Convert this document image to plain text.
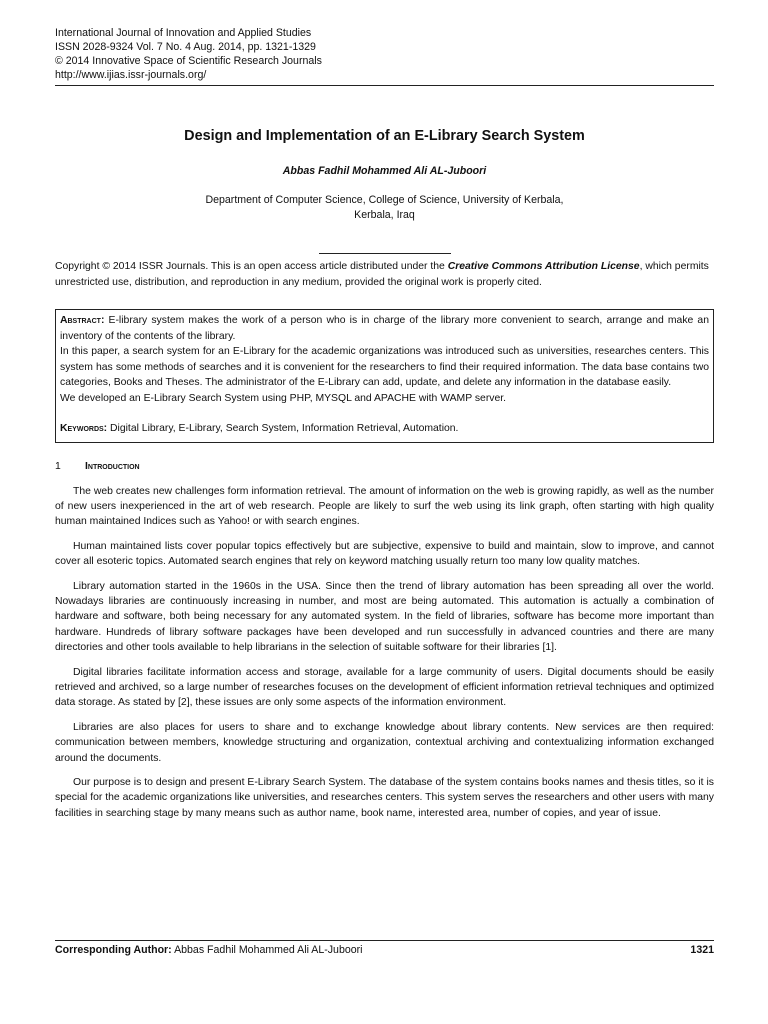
International Journal of Innovation and Applied Studies
ISSN 2028-9324 Vol. 7 No. 4 Aug. 2014, pp. 1321-1329
© 2014 Innovative Space of Scientific Research Journals
http://www.ijias.issr-journals.org/
Design and Implementation of an E-Library Search System
Abbas Fadhil Mohammed Ali AL-Juboori
Department of Computer Science, College of Science, University of Kerbala,
Kerbala, Iraq
Copyright © 2014 ISSR Journals. This is an open access article distributed under the Creative Commons Attribution License, which permits unrestricted use, distribution, and reproduction in any medium, provided the original work is properly cited.

Abstract: E-library system makes the work of a person who is in charge of the library more convenient to search, arrange and make an inventory of the contents of the library.

In this paper, a search system for an E-Library for the academic organizations was introduced such as universities, researches centers. This system has some methods of searches and it is convenient for the researchers to find their required information. The data base contains two categories, Books and Theses. The administrator of the E-Library can add, update, and delete any information in the database easily.

We developed an E-Library Search System using PHP, MYSQL and APACHE with WAMP server.

Keywords: Digital Library, E-Library, Search System, Information Retrieval, Automation.

1	Introduction

The web creates new challenges form information retrieval. The amount of information on the web is growing rapidly, as well as the number of new users inexperienced in the art of web research. People are likely to surf the web using its link graph, often starting with high quality human maintained Indices such as Yahoo! or with search engines.

Human maintained lists cover popular topics effectively but are subjective, expensive to build and maintain, slow to improve, and cannot cover all esoteric topics. Automated search engines that rely on keyword matching usually return too many low quality matches.

Library automation started in the 1960s in the USA. Since then the trend of library automation has been spreading all over the world. Nowadays libraries are continuously increasing in number, and most are being automated. This automation is actually a combination of hardware and software, both being necessary for any automated system. In the field of libraries, software has become more important than hardware. Hundreds of library software packages have been developed and run successfully in advanced countries and there are many directories and other tools available to help librarians in the selection of suitable software for their libraries [1].

Digital libraries facilitate information access and storage, available for a large community of users. Digital documents should be easily retrieved and archived, so a large number of researches focuses on the development of efficient information retrieval techniques and optimized data storage. As stated by [2], these issues are only some aspects of the information environment.

Libraries are also places for users to share and to exchange knowledge about library contents. New services are then required: communication between members, knowledge structuring and organization, contextual archiving and contextualizing information exchanged around the documents.

Our purpose is to design and present E-Library Search System. The database of the system contains books names and thesis titles, so it is special for the academic organizations like universities, and researches centers. This system serves the researchers and other users with many facilities in searching stage by many means such as author name, book name, interested area, number of copies, and year of issue.

Corresponding Author: Abbas Fadhil Mohammed Ali AL-Juboori	1321
